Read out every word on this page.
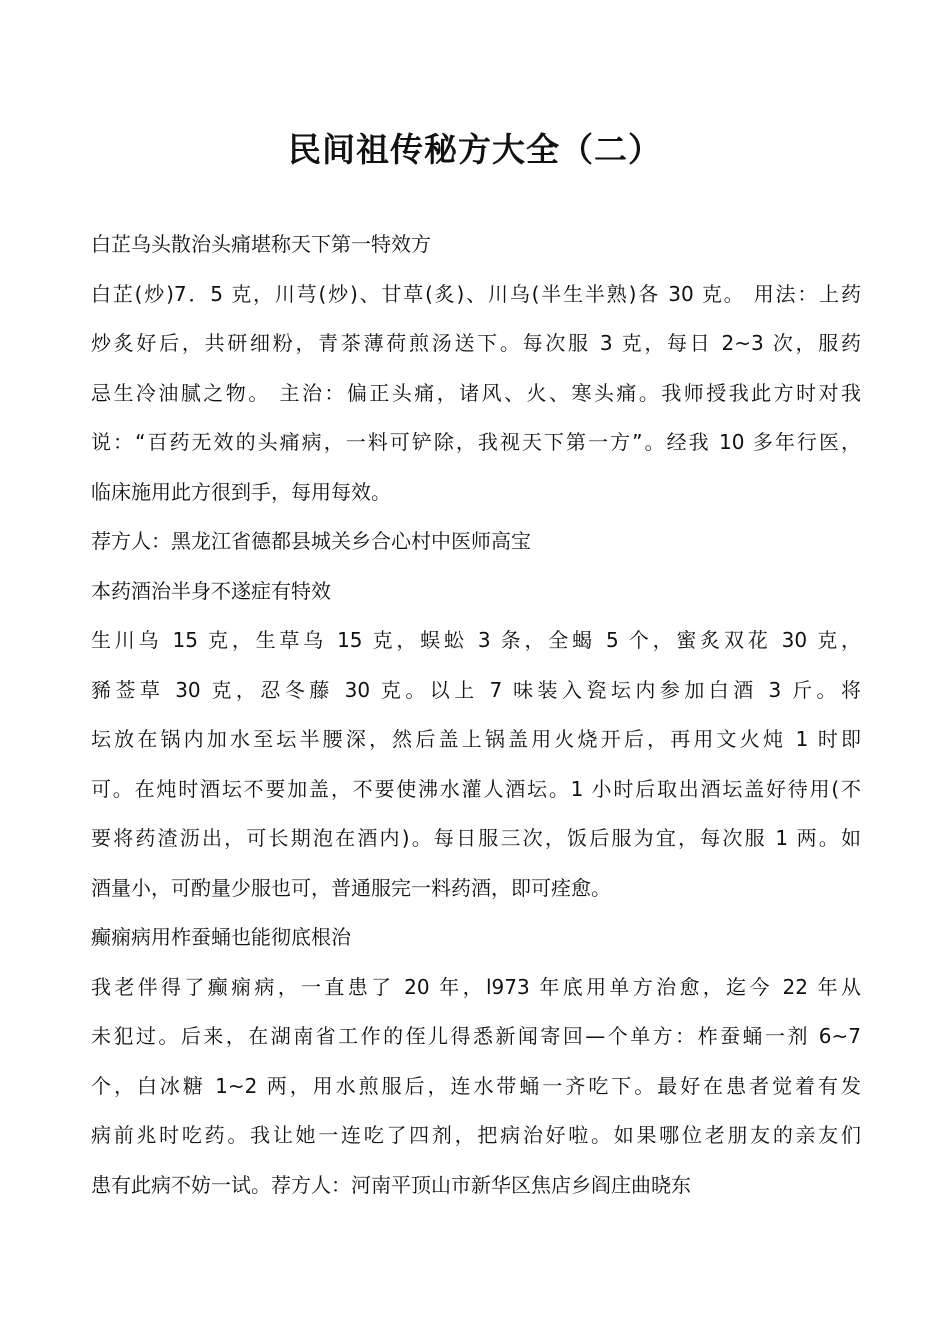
民间祖传秘方大全（二）
白芷乌头散治头痛堪称天下第一特效方
白芷(炒)7．5 克，川芎(炒)、甘草(炙)、川乌(半生半熟)各 30 克。 用法：上药
炒炙好后，共研细粉，青茶薄荷煎汤送下。每次服 3 克，每日 2~3 次，服药
忌生冷油腻之物。 主治：偏正头痛，诸风、火、寒头痛。我师授我此方时对我
说：“百药无效的头痛病，一料可铲除，我视天下第一方”。经我 10 多年行医，
临床施用此方很到手，每用每效。
荐方人：黑龙江省德都县城关乡合心村中医师高宝
本药酒治半身不遂症有特效
生川乌 15 克，生草乌 15 克，蜈蚣 3 条，全蝎 5 个，蜜炙双花 30 克，
豨莶草 30 克，忍冬藤 30 克。以上 7 味装入瓷坛内参加白酒 3 斤。将
坛放在锅内加水至坛半腰深，然后盖上锅盖用火烧开后，再用文火炖 1 时即
可。在炖时酒坛不要加盖，不要使沸水灌人酒坛。1 小时后取出酒坛盖好待用(不
要将药渣沥出，可长期泡在酒内)。每日服三次，饭后服为宜，每次服 1 两。如
酒量小，可酌量少服也可，普通服完一料药酒，即可痊愈。
癫痫病用柞蚕蛹也能彻底根治
我老伴得了癫痫病，一直患了 20 年，l973 年底用单方治愈，迄今 22 年从
未犯过。后来，在湖南省工作的侄儿得悉新闻寄回—个单方：柞蚕蛹一剂 6~7
个，白冰糖 1~2 两，用水煎服后，连水带蛹一齐吃下。最好在患者觉着有发
病前兆时吃药。我让她一连吃了四剂，把病治好啦。如果哪位老朋友的亲友们
患有此病不妨一试。荐方人：河南平顶山市新华区焦店乡阎庄曲晓东
